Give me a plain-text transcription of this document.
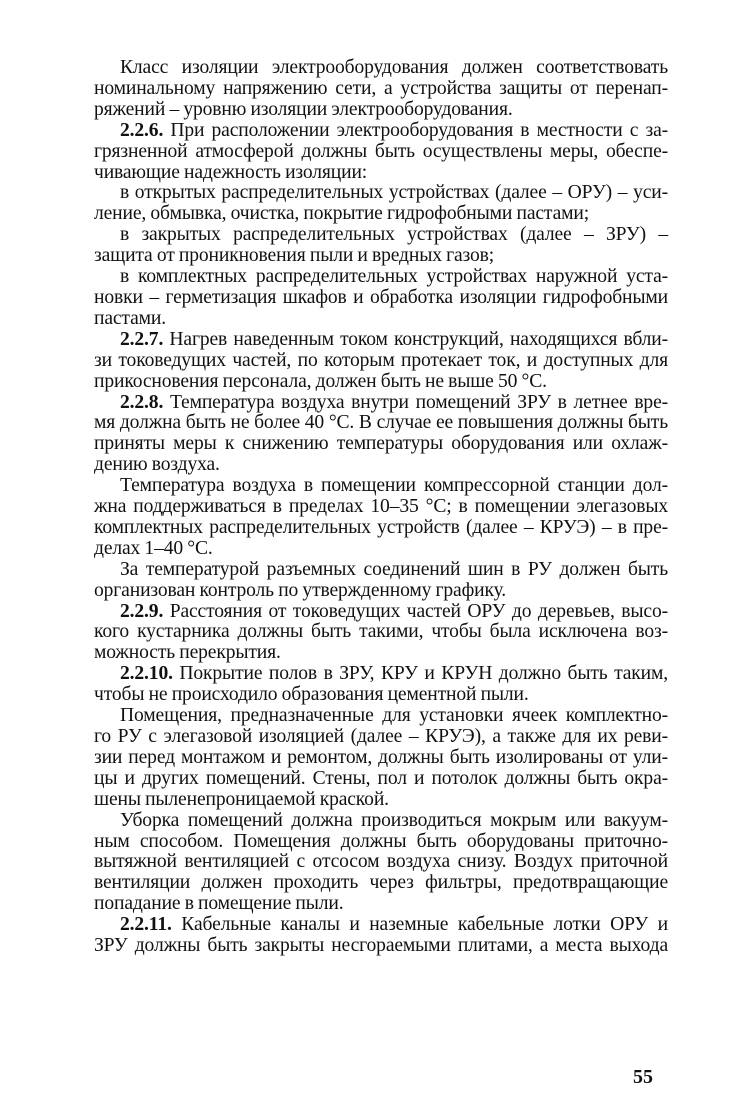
Класс изоляции электрооборудования должен соответствовать
номинальному напряжению сети, а устройства защиты от перенап-
ряжений – уровню изоляции электрооборудования.
2.2.6. При расположении электрооборудования в местности с за-
грязненной атмосферой должны быть осуществлены меры, обеспе-
чивающие надежность изоляции:
в открытых распределительных устройствах (далее – ОРУ) – уси-
ление, обмывка, очистка, покрытие гидрофобными пастами;
в закрытых распределительных устройствах (далее – ЗРУ) –
защита от проникновения пыли и вредных газов;
в комплектных распределительных устройствах наружной уста-
новки – герметизация шкафов и обработка изоляции гидрофобными
пастами.
2.2.7. Нагрев наведенным током конструкций, находящихся вбли-
зи токоведущих частей, по которым протекает ток, и доступных для
прикосновения персонала, должен быть не выше 50 °С.
2.2.8. Температура воздуха внутри помещений ЗРУ в летнее вре-
мя должна быть не более 40 °С. В случае ее повышения должны быть
приняты меры к снижению температуры оборудования или охлаж-
дению воздуха.
Температура воздуха в помещении компрессорной станции дол-
жна поддерживаться в пределах 10–35 °С; в помещении элегазовых
комплектных распределительных устройств (далее – КРУЭ) – в пре-
делах 1–40 °С.
За температурой разъемных соединений шин в РУ должен быть
организован контроль по утвержденному графику.
2.2.9. Расстояния от токоведущих частей ОРУ до деревьев, высо-
кого кустарника должны быть такими, чтобы была исключена воз-
можность перекрытия.
2.2.10. Покрытие полов в ЗРУ, КРУ и КРУН должно быть таким,
чтобы не происходило образования цементной пыли.
Помещения, предназначенные для установки ячеек комплектно-
го РУ с элегазовой изоляцией (далее – КРУЭ), а также для их реви-
зии перед монтажом и ремонтом, должны быть изолированы от ули-
цы и других помещений. Стены, пол и потолок должны быть окра-
шены пыленепроницаемой краской.
Уборка помещений должна производиться мокрым или вакуум-
ным способом. Помещения должны быть оборудованы приточно-
вытяжной вентиляцией с отсосом воздуха снизу. Воздух приточной
вентиляции должен проходить через фильтры, предотвращающие
попадание в помещение пыли.
2.2.11. Кабельные каналы и наземные кабельные лотки ОРУ и
ЗРУ должны быть закрыты несгораемыми плитами, а места выхода
55
